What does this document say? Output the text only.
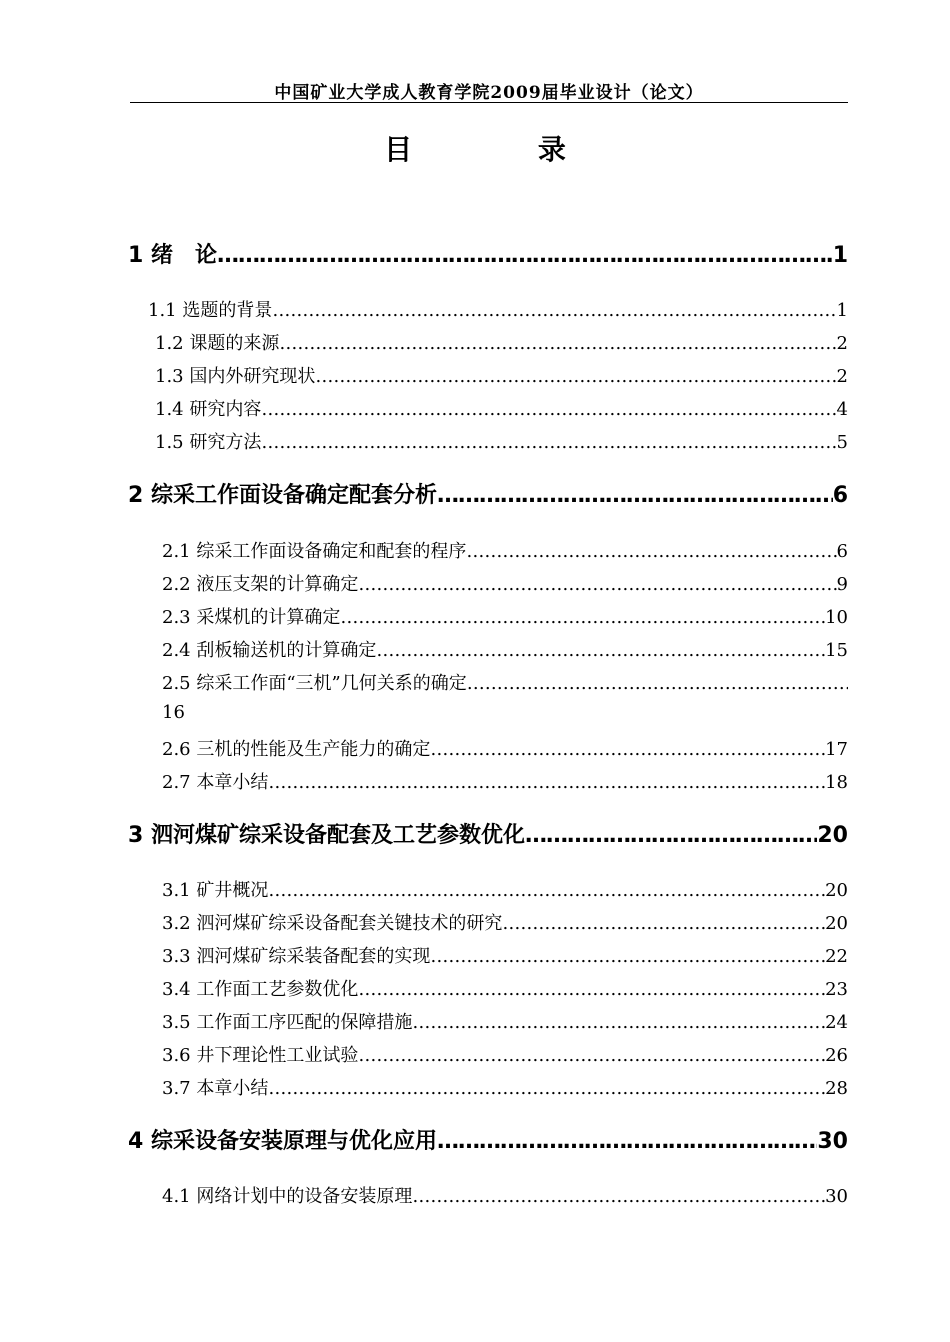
中国矿业大学成人教育学院2009届毕业设计（论文）
目 录
1 绪　论 …………………………………………………………………………………………………………………………………………………………………………………………	1
1.1 选题的背景 …………………………………………………………………………………………………………………………………………………………………………………………	1
1.2 课题的来源 …………………………………………………………………………………………………………………………………………………………………………………………	2
1.3 国内外研究现状 …………………………………………………………………………………………………………………………………………………………………………………………	2
1.4 研究内容 …………………………………………………………………………………………………………………………………………………………………………………………	4
1.5 研究方法 …………………………………………………………………………………………………………………………………………………………………………………………	5
2 综采工作面设备确定配套分析 …………………………………………………………………………………………………………………………………………………………………………………………	6
2.1 综采工作面设备确定和配套的程序 …………………………………………………………………………………………………………………………………………………………………………………………	6
2.2 液压支架的计算确定 …………………………………………………………………………………………………………………………………………………………………………………………	9
2.3 采煤机的计算确定 …………………………………………………………………………………………………………………………………………………………………………………………	10
2.4 刮板输送机的计算确定 …………………………………………………………………………………………………………………………………………………………………………………………	15
2.5 综采工作面“三机”几何关系的确定
…………………………………………………………………………………………………………………………………………………………………………………………
16
2.6 三机的性能及生产能力的确定 …………………………………………………………………………………………………………………………………………………………………………………………	17
2.7 本章小结 …………………………………………………………………………………………………………………………………………………………………………………………	18
3 泗河煤矿综采设备配套及工艺参数优化 …………………………………………………………………………………………………………………………………………………………………………………………	20
3.1 矿井概况 …………………………………………………………………………………………………………………………………………………………………………………………	20
3.2 泗河煤矿综采设备配套关键技术的研究 …………………………………………………………………………………………………………………………………………………………………………………………	20
3.3 泗河煤矿综采装备配套的实现 …………………………………………………………………………………………………………………………………………………………………………………………	22
3.4 工作面工艺参数优化 …………………………………………………………………………………………………………………………………………………………………………………………	23
3.5 工作面工序匹配的保障措施 …………………………………………………………………………………………………………………………………………………………………………………………	24
3.6 井下理论性工业试验 …………………………………………………………………………………………………………………………………………………………………………………………	26
3.7 本章小结 …………………………………………………………………………………………………………………………………………………………………………………………	28
4 综采设备安装原理与优化应用 …………………………………………………………………………………………………………………………………………………………………………………………	30
4.1 网络计划中的设备安装原理 …………………………………………………………………………………………………………………………………………………………………………………………	30
